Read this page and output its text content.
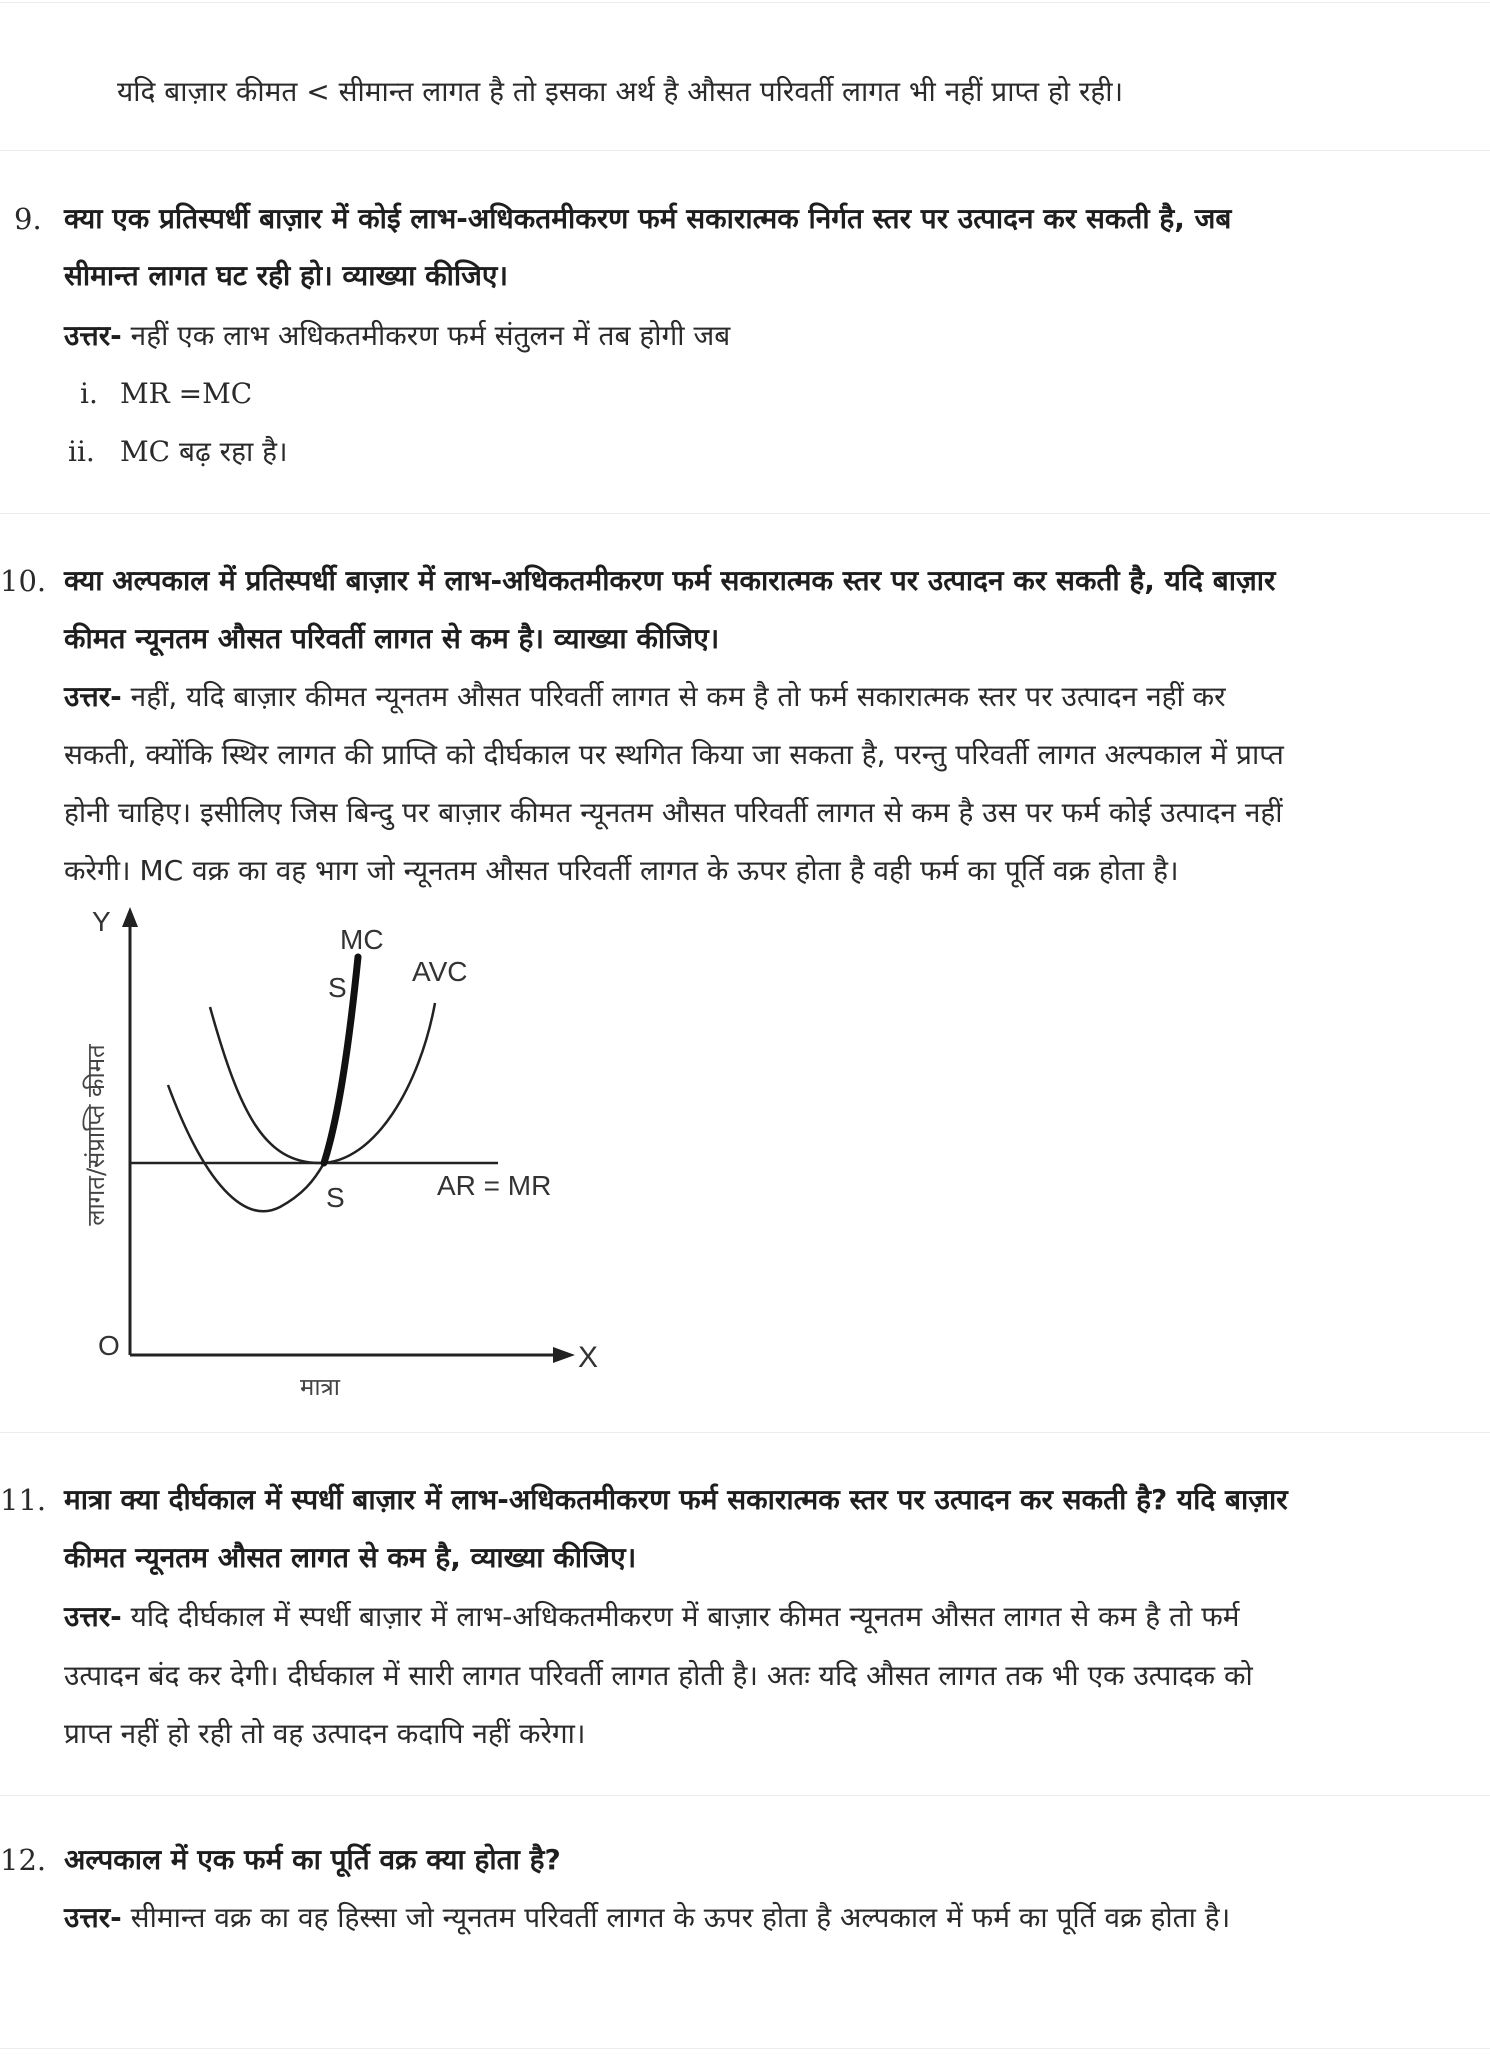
यदि बाज़ार कीमत < सीमान्त लागत है तो इसका अर्थ है औसत परिवर्ती लागत भी नहीं प्राप्त हो रही।
9. क्या एक प्रतिस्पर्धी बाज़ार में कोई लाभ-अधिकतमीकरण फर्म सकारात्मक निर्गत स्तर पर उत्पादन कर सकती है, जब
सीमान्त लागत घट रही हो। व्याख्या कीजिए।
उत्तर- नहीं एक लाभ अधिकतमीकरण फर्म संतुलन में तब होगी जब
i. MR =MC
ii. MC बढ़ रहा है।
10. क्या अल्पकाल में प्रतिस्पर्धी बाज़ार में लाभ-अधिकतमीकरण फर्म सकारात्मक स्तर पर उत्पादन कर सकती है, यदि बाज़ार
कीमत न्यूनतम औसत परिवर्ती लागत से कम है। व्याख्या कीजिए।
उत्तर- नहीं, यदि बाज़ार कीमत न्यूनतम औसत परिवर्ती लागत से कम है तो फर्म सकारात्मक स्तर पर उत्पादन नहीं कर
सकती, क्योंकि स्थिर लागत की प्राप्ति को दीर्घकाल पर स्थगित किया जा सकता है, परन्तु परिवर्ती लागत अल्पकाल में प्राप्त
होनी चाहिए। इसीलिए जिस बिन्दु पर बाज़ार कीमत न्यूनतम औसत परिवर्ती लागत से कम है उस पर फर्म कोई उत्पादन नहीं
करेगी। MC वक्र का वह भाग जो न्यूनतम औसत परिवर्ती लागत के ऊपर होता है वही फर्म का पूर्ति वक्र होता है।
Y
X
O
लागत/संप्राप्ति कीमत
मात्रा
MC
AVC
S
S	AR = MR
11. मात्रा क्या दीर्घकाल में स्पर्धी बाज़ार में लाभ-अधिकतमीकरण फर्म सकारात्मक स्तर पर उत्पादन कर सकती है? यदि बाज़ार
कीमत न्यूनतम औसत लागत से कम है, व्याख्या कीजिए।
उत्तर- यदि दीर्घकाल में स्पर्धी बाज़ार में लाभ-अधिकतमीकरण में बाज़ार कीमत न्यूनतम औसत लागत से कम है तो फर्म
उत्पादन बंद कर देगी। दीर्घकाल में सारी लागत परिवर्ती लागत होती है। अतः यदि औसत लागत तक भी एक उत्पादक को
प्राप्त नहीं हो रही तो वह उत्पादन कदापि नहीं करेगा।
12. अल्पकाल में एक फर्म का पूर्ति वक्र क्या होता है?
उत्तर- सीमान्त वक्र का वह हिस्सा जो न्यूनतम परिवर्ती लागत के ऊपर होता है अल्पकाल में फर्म का पूर्ति वक्र होता है।
